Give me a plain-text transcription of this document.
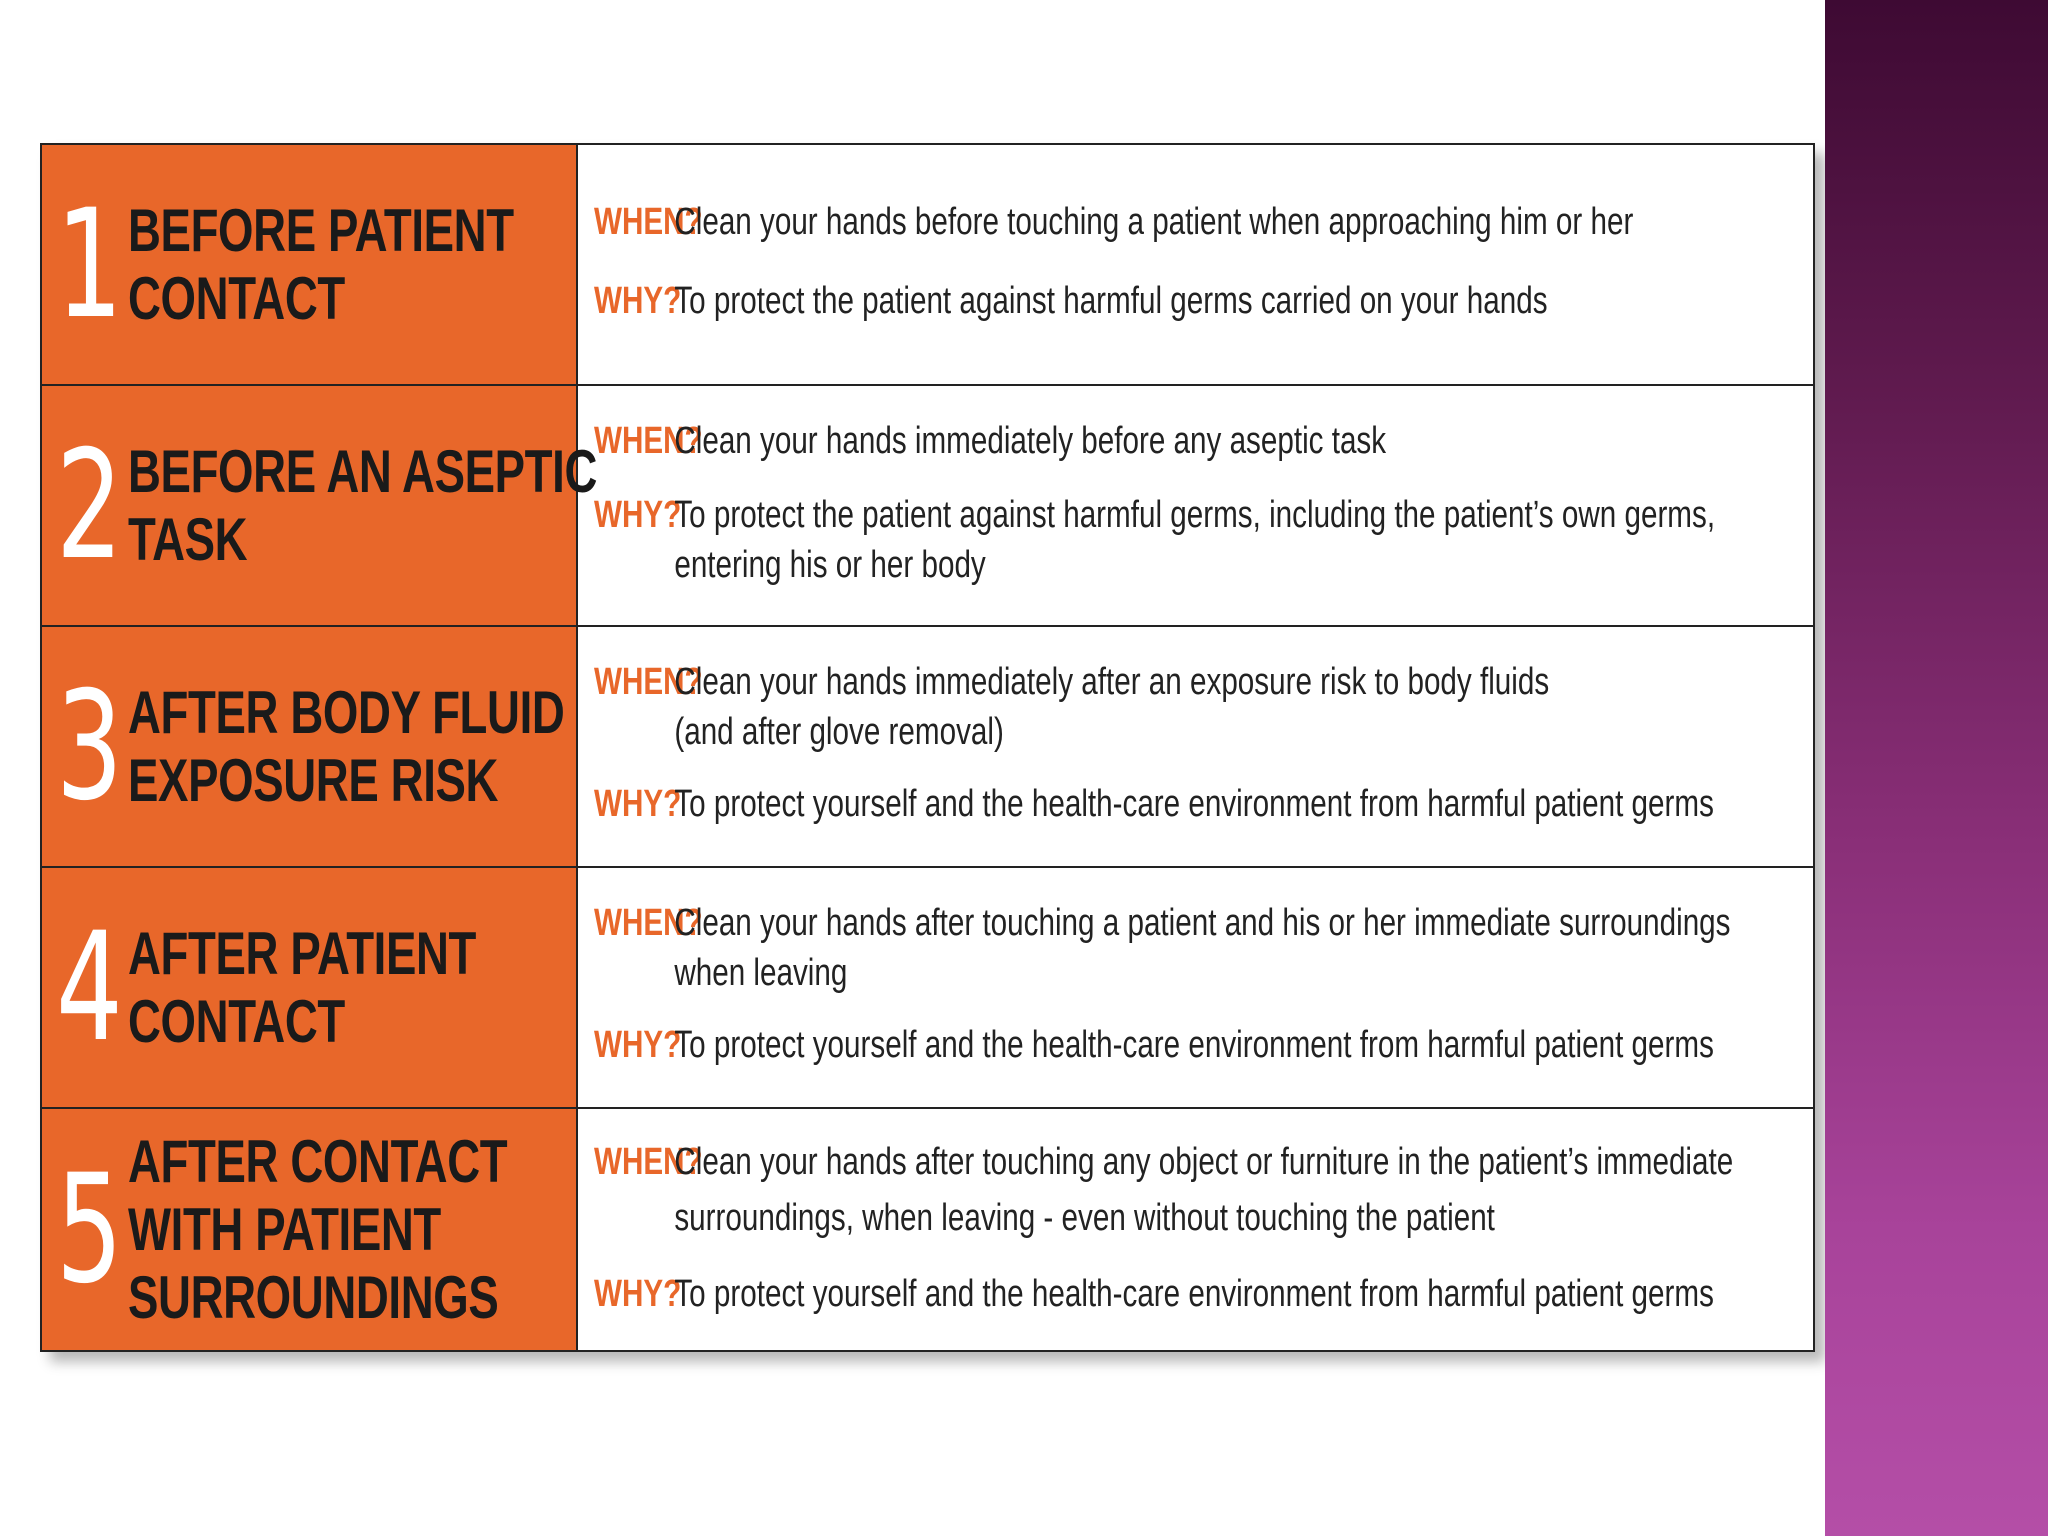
1 BEFORE PATIENT
CONTACT
WHEN?
Clean your hands before touching a patient when approaching him or her
WHY?
To protect the patient against harmful germs carried on your hands
2 BEFORE AN ASEPTIC
TASK
WHEN?
Clean your hands immediately before any aseptic task
WHY?
To protect the patient against harmful germs, including the patient’s own germs,
entering his or her body
3 AFTER BODY FLUID
EXPOSURE RISK
WHEN?
Clean your hands immediately after an exposure risk to body fluids
(and after glove removal)
WHY?
To protect yourself and the health-care environment from harmful patient germs
4 AFTER PATIENT
CONTACT
WHEN?
Clean your hands after touching a patient and his or her immediate surroundings
when leaving
WHY?
To protect yourself and the health-care environment from harmful patient germs
5 AFTER CONTACT
WITH PATIENT
SURROUNDINGS
WHEN?
Clean your hands after touching any object or furniture in the patient’s immediate
surroundings, when leaving - even without touching the patient
WHY?
To protect yourself and the health-care environment from harmful patient germs
